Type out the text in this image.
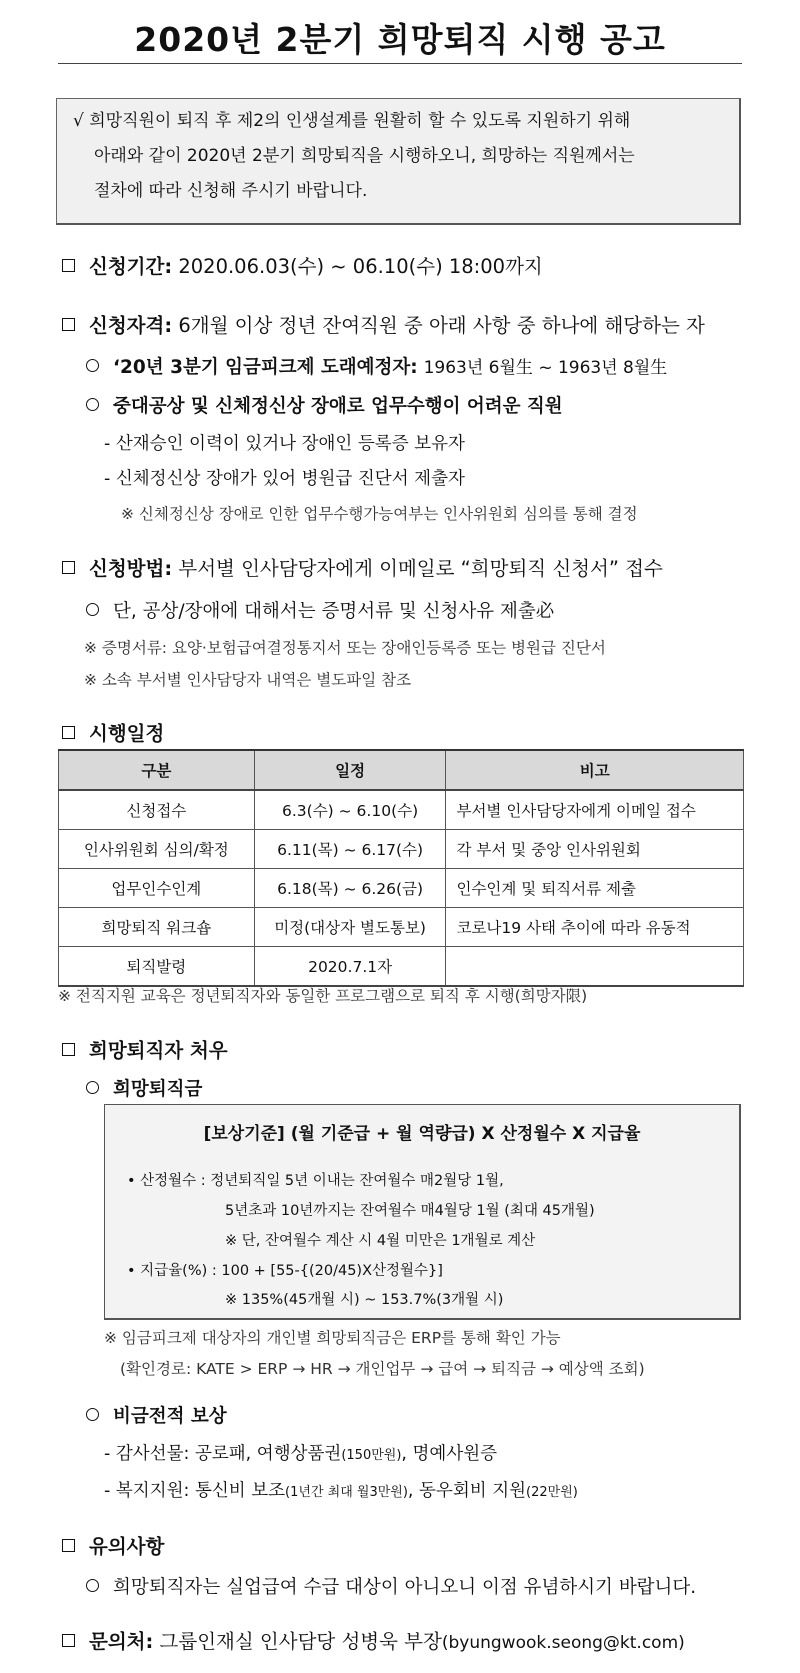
2020년 2분기 희망퇴직 시행 공고
√ 희망직원이 퇴직 후 제2의 인생설계를 원활히 할 수 있도록 지원하기 위해
아래와 같이 2020년 2분기 희망퇴직을 시행하오니, 희망하는 직원께서는
절차에 따라 신청해 주시기 바랍니다.
신청기간: 2020.06.03(수) ~ 06.10(수) 18:00까지
신청자격: 6개월 이상 정년 잔여직원 중 아래 사항 중 하나에 해당하는 자
‘20년 3분기 임금피크제 도래예정자: 1963년 6월生 ~ 1963년 8월生
중대공상 및 신체정신상 장애로 업무수행이 어려운 직원
- 산재승인 이력이 있거나 장애인 등록증 보유자
- 신체정신상 장애가 있어 병원급 진단서 제출자
※ 신체정신상 장애로 인한 업무수행가능여부는 인사위원회 심의를 통해 결정
신청방법: 부서별 인사담당자에게 이메일로 “희망퇴직 신청서” 접수
단, 공상/장애에 대해서는 증명서류 및 신청사유 제출必
※ 증명서류: 요양·보험급여결정통지서 또는 장애인등록증 또는 병원급 진단서
※ 소속 부서별 인사담당자 내역은 별도파일 참조
시행일정
구분	일정	비고
신청접수	6.3(수) ~ 6.10(수)	부서별 인사담당자에게 이메일 접수
인사위원회 심의/확정	6.11(목) ~ 6.17(수)	각 부서 및 중앙 인사위원회
업무인수인계	6.18(목) ~ 6.26(금)	인수인계 및 퇴직서류 제출
희망퇴직 워크숍	미정(대상자 별도통보)	코로나19 사태 추이에 따라 유동적
퇴직발령	2020.7.1자	
※ 전직지원 교육은 정년퇴직자와 동일한 프로그램으로 퇴직 후 시행(희망자限)
희망퇴직자 처우
희망퇴직금
[보상기준] (월 기준급 + 월 역량급) X 산정월수 X 지급율
• 산정월수 : 정년퇴직일 5년 이내는 잔여월수 매2월당 1월,
5년초과 10년까지는 잔여월수 매4월당 1월 (최대 45개월)
※ 단, 잔여월수 계산 시 4월 미만은 1개월로 계산
• 지급율(%) : 100 + [55-{(20/45)X산정월수}]
※ 135%(45개월 시) ~ 153.7%(3개월 시)
※ 임금피크제 대상자의 개인별 희망퇴직금은 ERP를 통해 확인 가능
(확인경로: KATE > ERP → HR → 개인업무 → 급여 → 퇴직금 → 예상액 조회)
비금전적 보상
- 감사선물: 공로패, 여행상품권(150만원), 명예사원증
- 복지지원: 통신비 보조(1년간 최대 월3만원), 동우회비 지원(22만원)
유의사항
희망퇴직자는 실업급여 수급 대상이 아니오니 이점 유념하시기 바랍니다.
문의처: 그룹인재실 인사담당 성병욱 부장(byungwook.seong@kt.com)
